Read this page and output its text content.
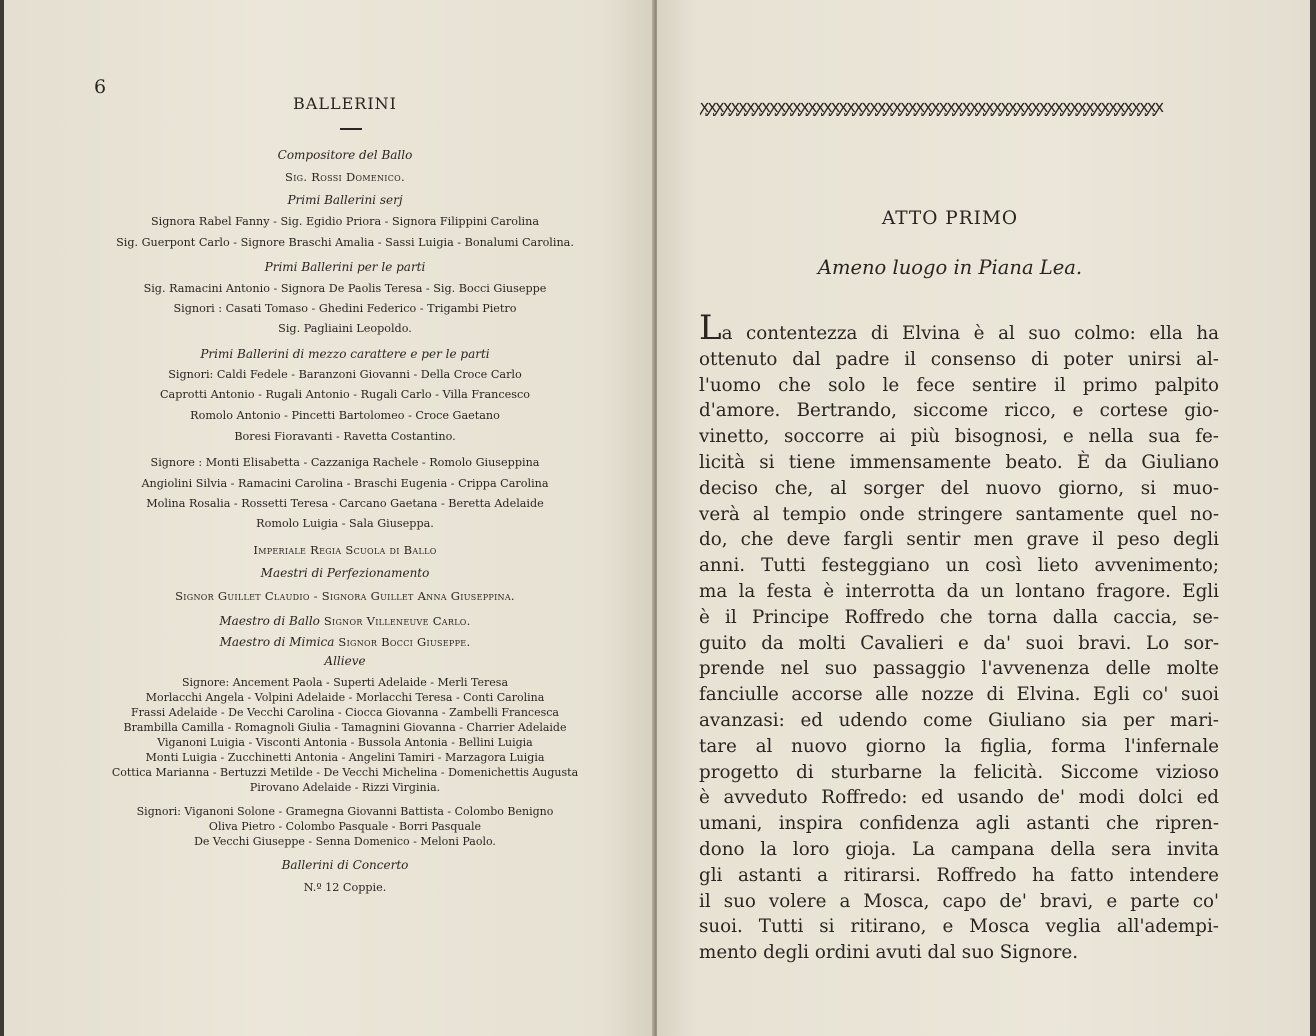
6
BALLERINI
Compositore del Ballo
Sig. Rossi Domenico.
Primi Ballerini serj
Signora Rabel Fanny - Sig. Egidio Priora - Signora Filippini Carolina
Sig. Guerpont Carlo - Signore Braschi Amalia - Sassi Luigia - Bonalumi Carolina.
Primi Ballerini per le parti
Sig. Ramacini Antonio - Signora De Paolis Teresa - Sig. Bocci Giuseppe
Signori : Casati Tomaso - Ghedini Federico - Trigambi Pietro
Sig. Pagliaini Leopoldo.
Primi Ballerini di mezzo carattere e per le parti
Signori: Caldi Fedele - Baranzoni Giovanni - Della Croce Carlo
Caprotti Antonio - Rugali Antonio - Rugali Carlo - Villa Francesco
Romolo Antonio - Pincetti Bartolomeo - Croce Gaetano
Boresi Fioravanti - Ravetta Costantino.
Signore : Monti Elisabetta - Cazzaniga Rachele - Romolo Giuseppina
Angiolini Silvia - Ramacini Carolina - Braschi Eugenia - Crippa Carolina
Molina Rosalia - Rossetti Teresa - Carcano Gaetana - Beretta Adelaide
Romolo Luigia - Sala Giuseppa.
Imperiale Regia Scuola di Ballo
Maestri di Perfezionamento
Signor Guillet Claudio - Signora Guillet Anna Giuseppina.
Maestro di Ballo Signor Villeneuve Carlo.
Maestro di Mimica Signor Bocci Giuseppe.
Allieve
Signore: Ancement Paola - Superti Adelaide - Merli Teresa
Morlacchi Angela - Volpini Adelaide - Morlacchi Teresa - Conti Carolina
Frassi Adelaide - De Vecchi Carolina - Ciocca Giovanna - Zambelli Francesca
Brambilla Camilla - Romagnoli Giulia - Tamagnini Giovanna - Charrier Adelaide
Viganoni Luigia - Visconti Antonia - Bussola Antonia - Bellini Luigia
Monti Luigia - Zucchinetti Antonia - Angelini Tamiri - Marzagora Luigia
Cottica Marianna - Bertuzzi Metilde - De Vecchi Michelina - Domenichettis Augusta
Pirovano Adelaide - Rizzi Virginia.
Signori: Viganoni Solone - Gramegna Giovanni Battista - Colombo Benigno
Oliva Pietro - Colombo Pasquale - Borri Pasquale
De Vecchi Giuseppe - Senna Domenico - Meloni Paolo.
Ballerini di Concerto
N.º 12 Coppie.
ꭙꭙꭙꭙꭙꭙꭙꭙꭙꭙꭙꭙꭙꭙꭙꭙꭙꭙꭙꭙꭙꭙꭙꭙꭙꭙꭙꭙꭙꭙꭙꭙꭙꭙꭙꭙꭙꭙꭙꭙꭙꭙꭙꭙꭙꭙꭙꭙꭙꭙꭙꭙꭙꭙꭙꭙꭙꭙꭙꭙ
ATTO PRIMO
Ameno luogo in Piana Lea.
La contentezza di Elvina è al suo colmo: ella ha
ottenuto dal padre il consenso di poter unirsi al-
l'uomo che solo le fece sentire il primo palpito
d'amore. Bertrando, siccome ricco, e cortese gio-
vinetto, soccorre ai più bisognosi, e nella sua fe-
licità si tiene immensamente beato. È da Giuliano
deciso che, al sorger del nuovo giorno, si muo-
verà al tempio onde stringere santamente quel no-
do, che deve fargli sentir men grave il peso degli
anni. Tutti festeggiano un così lieto avvenimento;
ma la festa è interrotta da un lontano fragore. Egli
è il Principe Roffredo che torna dalla caccia, se-
guito da molti Cavalieri e da' suoi bravi. Lo sor-
prende nel suo passaggio l'avvenenza delle molte
fanciulle accorse alle nozze di Elvina. Egli co' suoi
avanzasi: ed udendo come Giuliano sia per mari-
tare al nuovo giorno la figlia, forma l'infernale
progetto di sturbarne la felicità. Siccome vizioso
è avveduto Roffredo: ed usando de' modi dolci ed
umani, inspira confidenza agli astanti che ripren-
dono la loro gioja. La campana della sera invita
gli astanti a ritirarsi. Roffredo ha fatto intendere
il suo volere a Mosca, capo de' bravi, e parte co'
suoi. Tutti si ritirano, e Mosca veglia all'adempi-
mento degli ordini avuti dal suo Signore.
